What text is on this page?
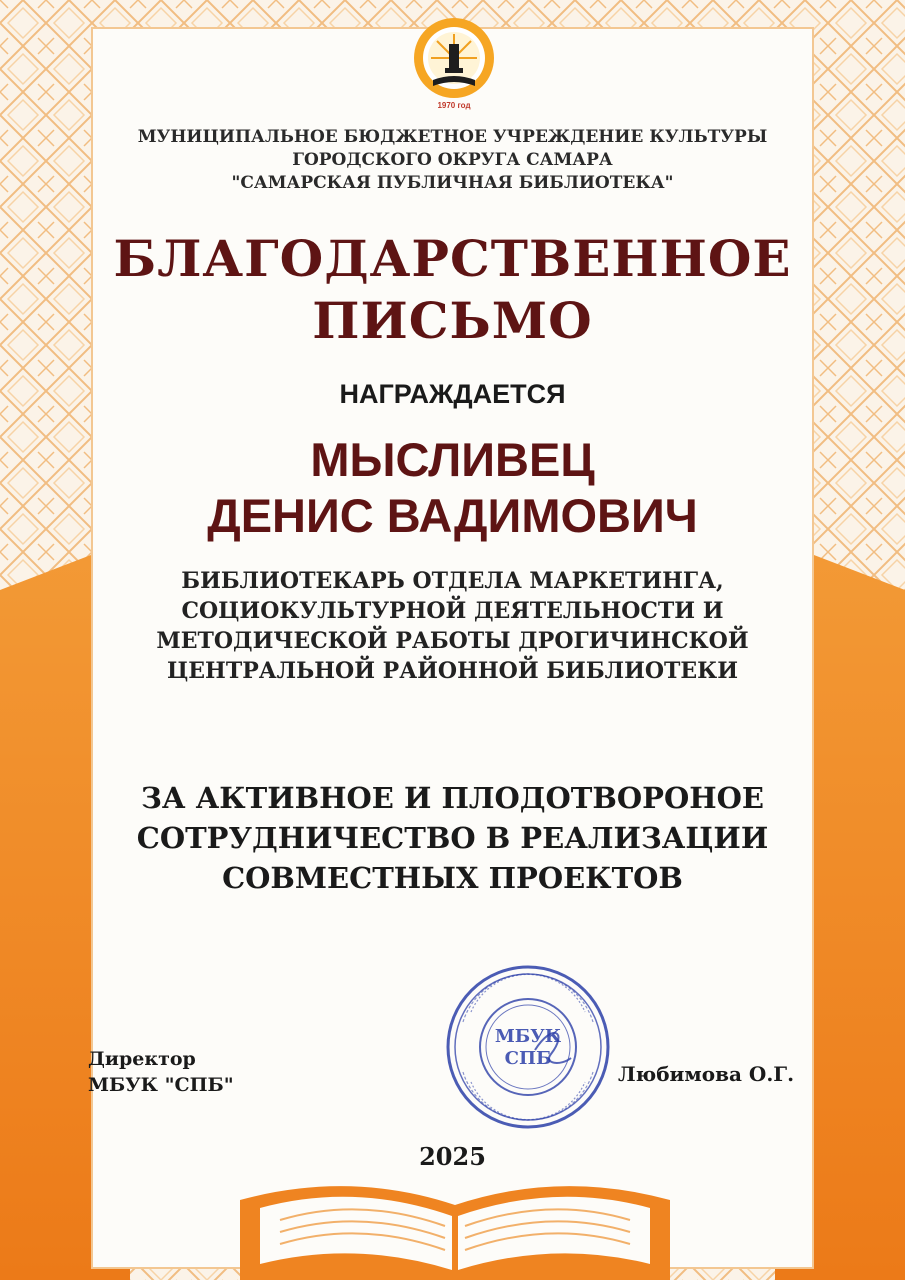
1970 год
МУНИЦИПАЛЬНОЕ БЮДЖЕТНОЕ УЧРЕЖДЕНИЕ КУЛЬТУРЫ
ГОРОДСКОГО ОКРУГА САМАРА
"САМАРСКАЯ ПУБЛИЧНАЯ БИБЛИОТЕКА"
БЛАГОДАРСТВЕННОЕ
ПИСЬМО
НАГРАЖДАЕТСЯ
МЫСЛИВЕЦ
ДЕНИС ВАДИМОВИЧ
БИБЛИОТЕКАРЬ ОТДЕЛА МАРКЕТИНГА,
СОЦИОКУЛЬТУРНОЙ ДЕЯТЕЛЬНОСТИ И
МЕТОДИЧЕСКОЙ РАБОТЫ ДРОГИЧИНСКОЙ
ЦЕНТРАЛЬНОЙ РАЙОННОЙ БИБЛИОТЕКИ
ЗА АКТИВНОЕ И ПЛОДОТВОРОНОЕ
СОТРУДНИЧЕСТВО В РЕАЛИЗАЦИИ
СОВМЕСТНЫХ ПРОЕКТОВ
Директор
МБУК "СПБ"
МБУК
СПБ
Любимова О.Г.
2025
